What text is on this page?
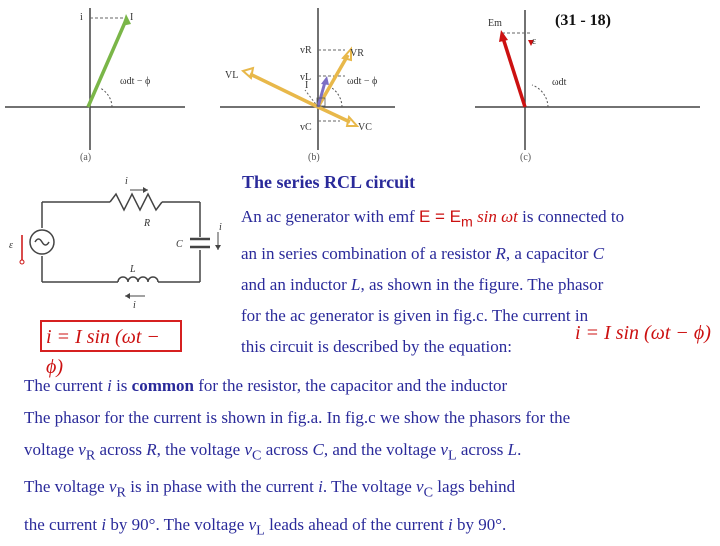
(31 - 18)
i	I
ωdt − ϕ
(a)
vR	VR
VL	vL
I	ωdt − ϕ
vC	VC
(b)
Em
ε
ωdt
(c)
i
R
C
i
ε
L
i
i = I sin (ωt − ϕ)
The series RCL circuit
An ac generator with emf $E = E_m$ sin ωt is connected to
an in series combination of a resistor R, a capacitor C
and an inductor L, as shown in the figure. The phasor
for the ac generator is given in fig.c. The current in
this circuit is described by the equation:
i = I sin (ωt − ϕ)
The current i is common for the resistor, the capacitor and the inductor
The phasor for the current is shown in fig.a. In fig.c we show the phasors for the
voltage $v_R$ across R, the voltage $v_C$ across C, and the voltage $v_L$ across L.
The voltage $v_R$ is in phase with the current i. The voltage $v_C$ lags behind
the current i by 90°. The voltage $v_L$ leads ahead of the current i by 90°.
